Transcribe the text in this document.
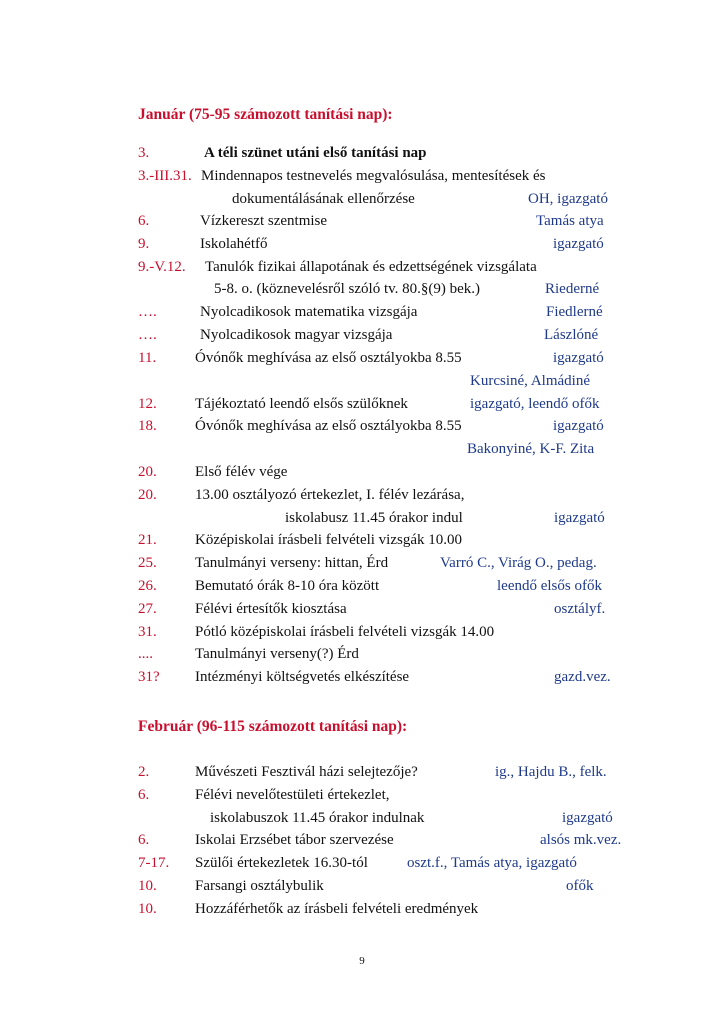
Január (75-95 számozott tanítási nap):
3.	A téli szünet utáni első tanítási nap
3.-III.31. Mindennapos testnevelés megvalósulása, mentesítések és
dokumentálásának ellenőrzése	OH, igazgató
6.	Vízkereszt szentmise	Tamás atya
9.	Iskolahétfő	igazgató
9.-V.12. Tanulók fizikai állapotának és edzettségének vizsgálata
5-8. o. (köznevelésről szóló tv. 80.§(9) bek.)	Riederné
….	Nyolcadikosok matematika vizsgája	Fiedlerné
….	Nyolcadikosok magyar vizsgája	Lászlóné
11.	Óvónők meghívása az első osztályokba 8.55	igazgató
Kurcsiné, Almádiné
12.	Tájékoztató leendő elsős szülőknek	igazgató, leendő ofők
18.	Óvónők meghívása az első osztályokba 8.55	igazgató
Bakonyiné, K-F. Zita
20.	Első félév vége
20.	13.00 osztályozó értekezlet, I. félév lezárása,
iskolabusz 11.45 órakor indul	igazgató
21.	Középiskolai írásbeli felvételi vizsgák 10.00
25.	Tanulmányi verseny: hittan, Érd	Varró C., Virág O., pedag.
26.	Bemutató órák 8-10 óra között	leendő elsős ofők
27.	Félévi értesítők kiosztása	osztályf.
31.	Pótló középiskolai írásbeli felvételi vizsgák 14.00
....	Tanulmányi verseny(?) Érd
31? Intézményi költségvetés elkészítése	gazd.vez.
Február (96-115 számozott tanítási nap):
2.	Művészeti Fesztivál házi selejtezője?	ig., Hajdu B., felk.
6.	Félévi nevelőtestületi értekezlet,
iskolabuszok 11.45 órakor indulnak	igazgató
6.	Iskolai Erzsébet tábor szervezése	alsós mk.vez.
7-17. Szülői értekezletek 16.30-tól	oszt.f., Tamás atya, igazgató
10.	Farsangi osztálybulik	ofők
10.	Hozzáférhetők az írásbeli felvételi eredmények
9
